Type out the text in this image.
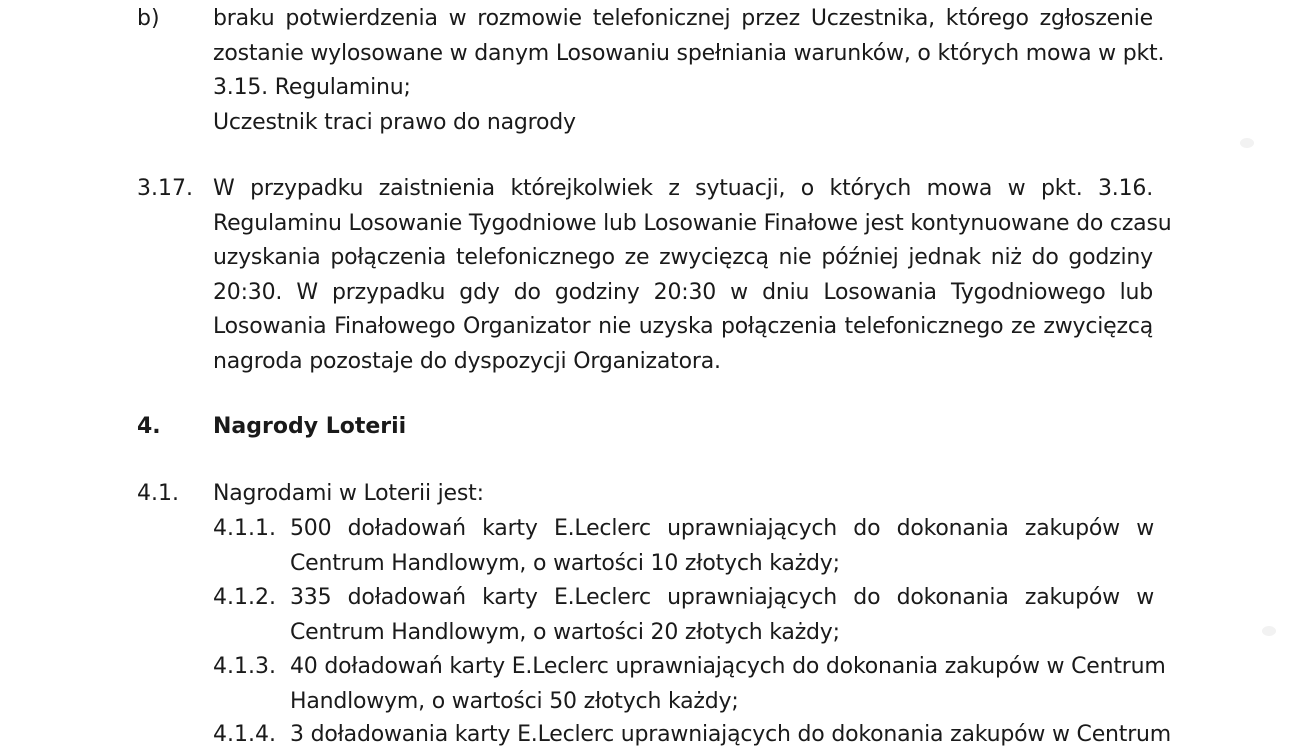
b) braku potwierdzenia w rozmowie telefonicznej przez Uczestnika, którego zgłoszenie
zostanie wylosowane w danym Losowaniu spełniania warunków, o których mowa w pkt.
3.15. Regulaminu;
Uczestnik traci prawo do nagrody
3.17. W przypadku zaistnienia którejkolwiek z sytuacji, o których mowa w pkt. 3.16.
Regulaminu Losowanie Tygodniowe lub Losowanie Finałowe jest kontynuowane do czasu
uzyskania połączenia telefonicznego ze zwycięzcą nie później jednak niż do godziny
20:30. W przypadku gdy do godziny 20:30 w dniu Losowania Tygodniowego lub
Losowania Finałowego Organizator nie uzyska połączenia telefonicznego ze zwycięzcą
nagroda pozostaje do dyspozycji Organizatora.
4. Nagrody Loterii
4.1. Nagrodami w Loterii jest:
4.1.1. 500 doładowań karty E.Leclerc uprawniających do dokonania zakupów w
Centrum Handlowym, o wartości 10 złotych każdy;
4.1.2. 335 doładowań karty E.Leclerc uprawniających do dokonania zakupów w
Centrum Handlowym, o wartości 20 złotych każdy;
4.1.3. 40 doładowań karty E.Leclerc uprawniających do dokonania zakupów w Centrum
Handlowym, o wartości 50 złotych każdy;
4.1.4. 3 doładowania karty E.Leclerc uprawniających do dokonania zakupów w Centrum
